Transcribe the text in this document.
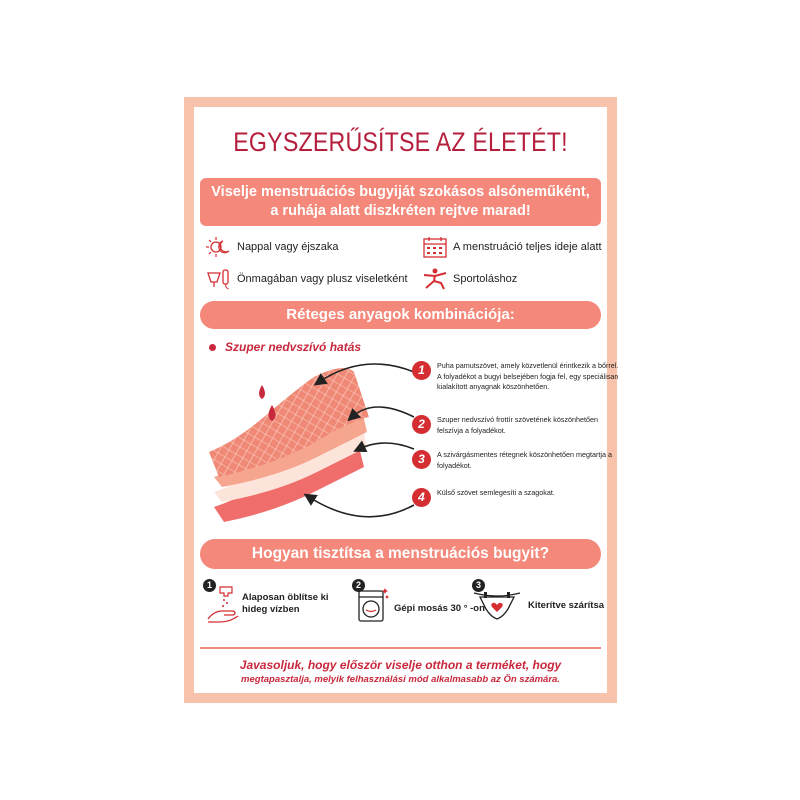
EGYSZERŰSÍTSE AZ ÉLETÉT!
Viselje menstruációs bugyiját szokásos alsóneműként,
a ruhája alatt diszkréten rejtve marad!
Nappal vagy éjszaka	A menstruáció teljes ideje alatt
Önmagában vagy plusz viseletként	Sportoláshoz
Réteges anyagok kombinációja:
Szuper nedvszívó hatás
1	Puha pamutszövet, amely közvetlenül érintkezik a bőrrel. A folyadékot a bugyi belsejében fogja fel, egy speciálisan kialakított anyagnak köszönhetően.
2	Szuper nedvszívó frottír szövetének köszönhetően felszívja a folyadékot.
3	A szivárgásmentes rétegnek köszönhetően megtartja a folyadékot.
4	Külső szövet semlegesíti a szagokat.
Hogyan tisztítsa a menstruációs bugyit?
1
Alaposan öblítse ki
hideg vízben
2
Gépi mosás 30 ° -on
3
Kiterítve szárítsa
Javasoljuk, hogy először viselje otthon a terméket, hogy
megtapasztalja, melyik felhasználási mód alkalmasabb az Ön számára.
